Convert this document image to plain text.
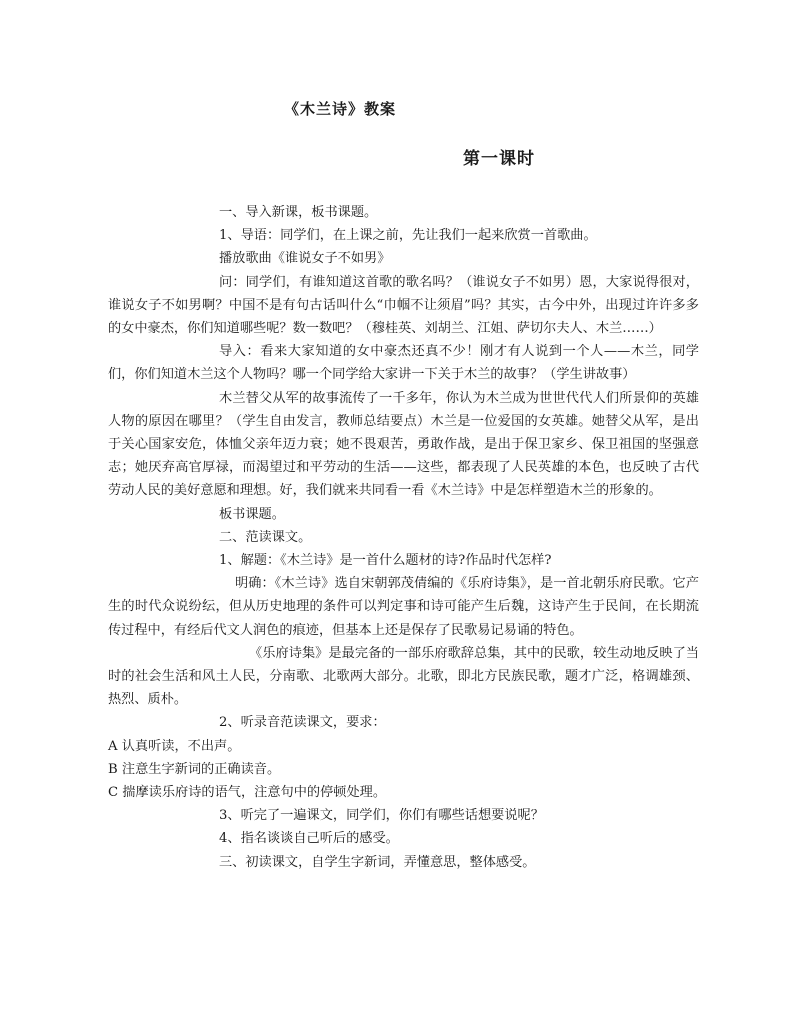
《木兰诗》教案
第一课时

一、导入新课，板书课题。

1、导语：同学们，在上课之前，先让我们一起来欣赏一首歌曲。

播放歌曲《谁说女子不如男》

问：同学们，有谁知道这首歌的歌名吗？（谁说女子不如男）恩，大家说得很对，谁说女子不如男啊？中国不是有句古话叫什么“巾帼不让须眉”吗？其实，古今中外，出现过许许多多的女中豪杰，你们知道哪些呢？数一数吧？（穆桂英、刘胡兰、江姐、萨切尔夫人、木兰……）

导入：看来大家知道的女中豪杰还真不少！刚才有人说到一个人——木兰，同学们，你们知道木兰这个人物吗？哪一个同学给大家讲一下关于木兰的故事？（学生讲故事）

木兰替父从军的故事流传了一千多年，你认为木兰成为世世代代人们所景仰的英雄人物的原因在哪里？（学生自由发言，教师总结要点）木兰是一位爱国的女英雄。她替父从军，是出于关心国家安危，体恤父亲年迈力衰；她不畏艰苦，勇敢作战，是出于保卫家乡、保卫祖国的坚强意志；她厌弃高官厚禄，而渴望过和平劳动的生活——这些，都表现了人民英雄的本色，也反映了古代劳动人民的美好意愿和理想。好，我们就来共同看一看《木兰诗》中是怎样塑造木兰的形象的。

板书课题。

二、范读课文。

1、解题：《木兰诗》是一首什么题材的诗?作品时代怎样?

明确：《木兰诗》选自宋朝郭茂倩编的《乐府诗集》，是一首北朝乐府民歌。它产生的时代众说纷纭，但从历史地理的条件可以判定事和诗可能产生后魏，这诗产生于民间，在长期流传过程中，有经后代文人润色的痕迹，但基本上还是保存了民歌易记易诵的特色。

《乐府诗集》是最完备的一部乐府歌辞总集，其中的民歌，较生动地反映了当时的社会生活和风土人民，分南歌、北歌两大部分。北歌，即北方民族民歌，题才广泛，格调雄颈、热烈、质朴。

2、听录音范读课文，要求：

A 认真听读，不出声。

B 注意生字新词的正确读音。

C 揣摩读乐府诗的语气，注意句中的停顿处理。

3、听完了一遍课文，同学们，你们有哪些话想要说呢？

4、指名谈谈自己听后的感受。

三、初读课文，自学生字新词，弄懂意思，整体感受。
